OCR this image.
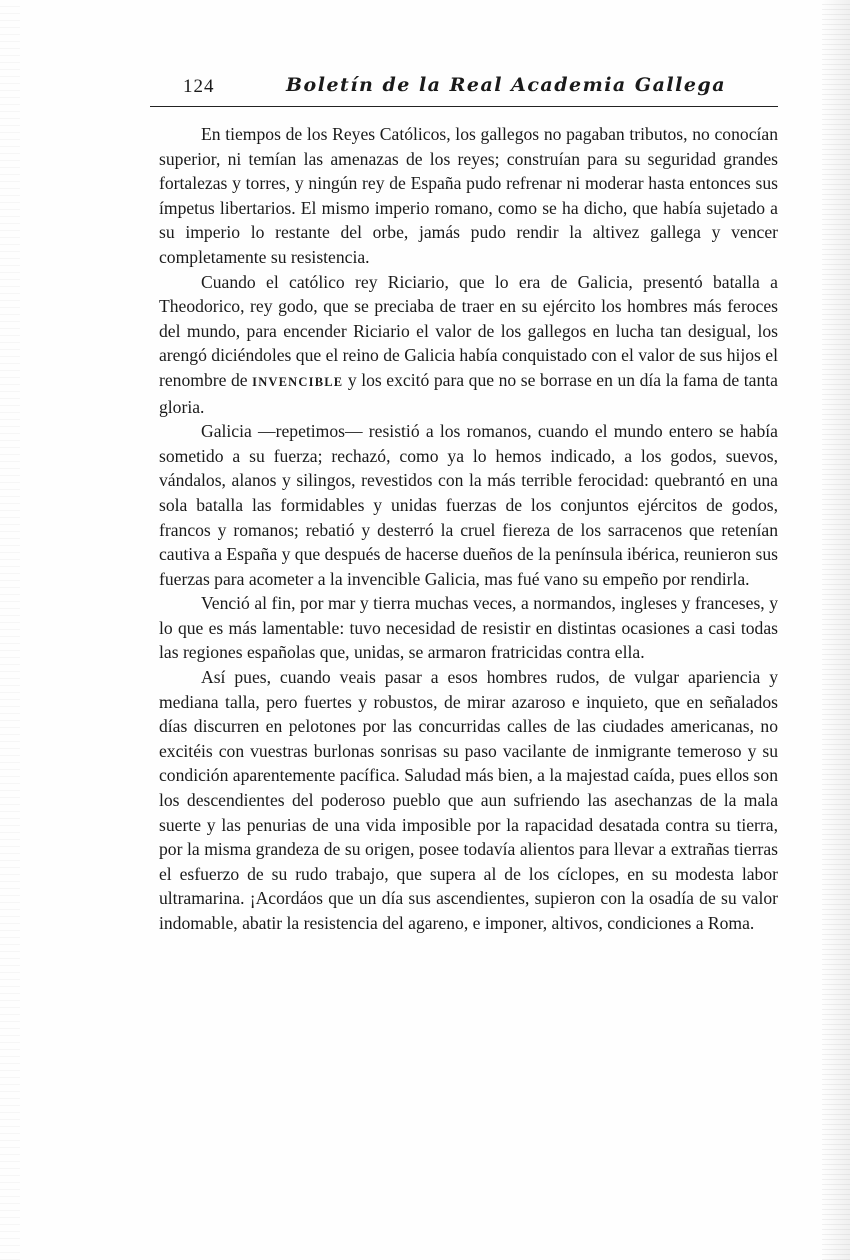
124	Boletín de la Real Academia Gallega

En tiempos de los Reyes Católicos, los gallegos no pagaban tributos, no conocían superior, ni temían las amenazas de los reyes; construían para su seguridad grandes fortalezas y torres, y ningún rey de España pudo refrenar ni moderar hasta entonces sus ímpetus libertarios. El mismo imperio romano, como se ha dicho, que había sujetado a su imperio lo restante del orbe, jamás pudo rendir la altivez gallega y vencer completamente su resistencia.

Cuando el católico rey Riciario, que lo era de Galicia, presentó batalla a Theodorico, rey godo, que se preciaba de traer en su ejército los hombres más feroces del mundo, para encender Riciario el valor de los gallegos en lucha tan desigual, los arengó diciéndoles que el reino de Galicia había conquistado con el valor de sus hijos el renombre de INVENCIBLE y los excitó para que no se borrase en un día la fama de tanta gloria.

Galicia —repetimos— resistió a los romanos, cuando el mundo entero se había sometido a su fuerza; rechazó, como ya lo hemos indicado, a los godos, suevos, vándalos, alanos y silingos, revestidos con la más terrible ferocidad: quebrantó en una sola batalla las formidables y unidas fuerzas de los conjuntos ejércitos de godos, francos y romanos; rebatió y desterró la cruel fiereza de los sarracenos que retenían cautiva a España y que después de hacerse dueños de la península ibérica, reunieron sus fuerzas para acometer a la invencible Galicia, mas fué vano su empeño por rendirla.

Venció al fin, por mar y tierra muchas veces, a normandos, ingleses y franceses, y lo que es más lamentable: tuvo necesidad de resistir en distintas ocasiones a casi todas las regiones españolas que, unidas, se armaron fratricidas contra ella.

Así pues, cuando veais pasar a esos hombres rudos, de vulgar apariencia y mediana talla, pero fuertes y robustos, de mirar azaroso e inquieto, que en señalados días discurren en pelotones por las concurridas calles de las ciudades americanas, no excitéis con vuestras burlonas sonrisas su paso vacilante de inmigrante temeroso y su condición aparentemente pacífica. Saludad más bien, a la majestad caída, pues ellos son los descendientes del poderoso pueblo que aun sufriendo las asechanzas de la mala suerte y las penurias de una vida imposible por la rapacidad desatada contra su tierra, por la misma grandeza de su origen, posee todavía alientos para llevar a extrañas tierras el esfuerzo de su rudo trabajo, que supera al de los cíclopes, en su modesta labor ultramarina. ¡Acordáos que un día sus ascendientes, supieron con la osadía de su valor indomable, abatir la resistencia del agareno, e imponer, altivos, condiciones a Roma.
